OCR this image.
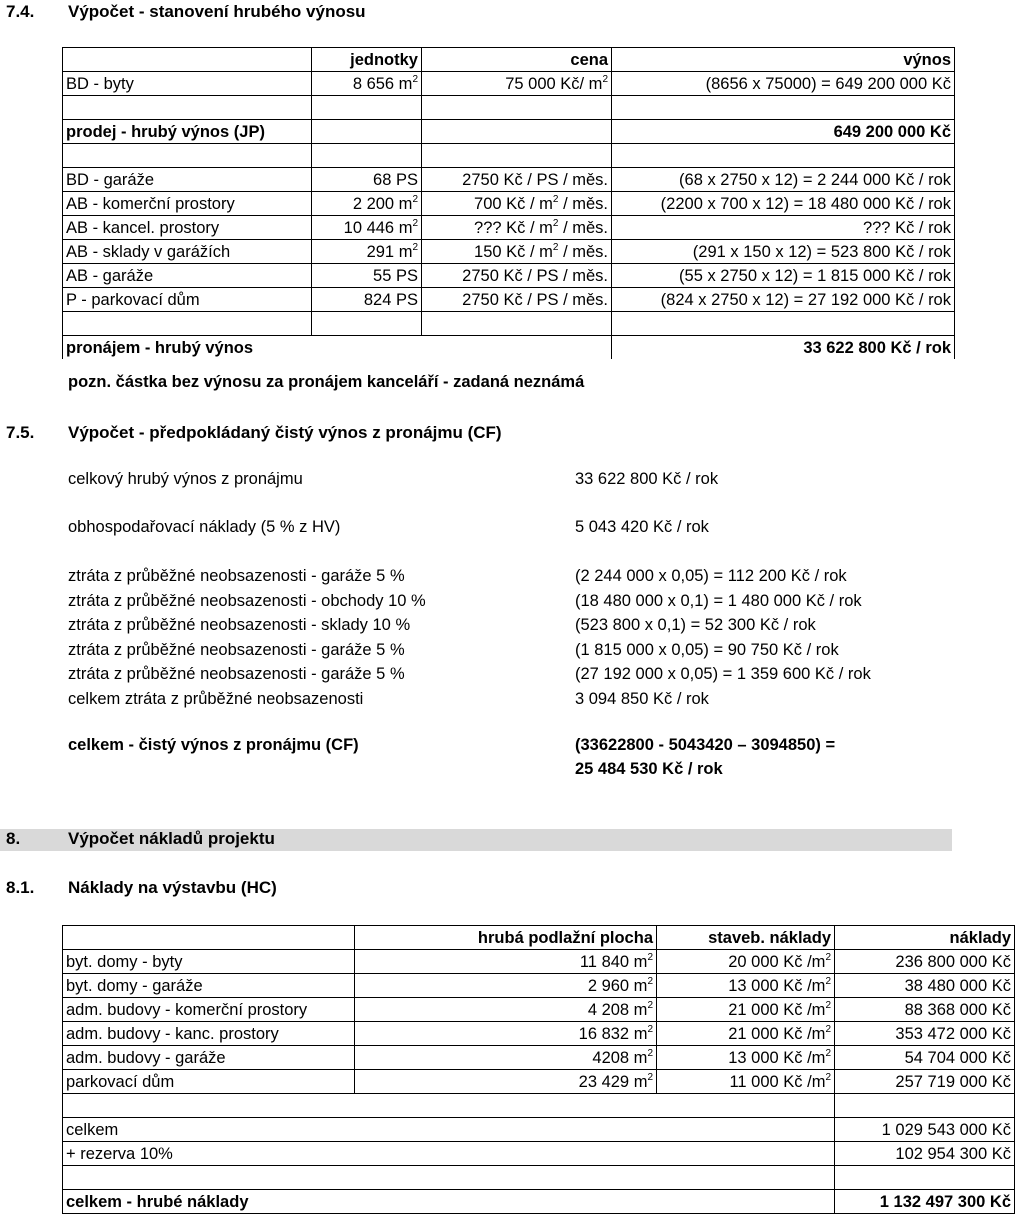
7.4. Výpočet - stanovení hrubého výnosu
	jednotky	cena	výnos
BD - byty	8 656 $m^2$	75 000 Kč/ $m^2$	(8656 x 75000) = 649 200 000 Kč

prodej - hrubý výnos (JP)			649 200 000 Kč

BD - garáže	68 PS	2750 Kč / PS / měs.	(68 x 2750 x 12) = 2 244 000 Kč / rok
AB - komerční prostory	2 200 $m^2$	700 Kč / $m^2$ / měs.	(2200 x 700 x 12) = 18 480 000 Kč / rok
AB - kancel. prostory	10 446 $m^2$	??? Kč / $m^2$ / měs.	??? Kč / rok
AB - sklady v garážích	291 $m^2$	150 Kč / $m^2$ / měs.	(291 x 150 x 12) = 523 800 Kč / rok
AB - garáže	55 PS	2750 Kč / PS / měs.	(55 x 2750 x 12) = 1 815 000 Kč / rok
P - parkovací dům	824 PS	2750 Kč / PS / měs.	(824 x 2750 x 12) = 27 192 000 Kč / rok

pronájem - hrubý výnos			33 622 800 Kč / rok
pozn. částka bez výnosu za pronájem kanceláří - zadaná neznámá
7.5. Výpočet - předpokládaný čistý výnos z pronájmu (CF)
celkový hrubý výnos z pronájmu	33 622 800 Kč / rok
obhospodařovací náklady (5 % z HV)	5 043 420 Kč / rok
ztráta z průběžné neobsazenosti - garáže 5 %	(2 244 000 x 0,05) = 112 200 Kč / rok
ztráta z průběžné neobsazenosti - obchody 10 %	(18 480 000 x 0,1) = 1 480 000 Kč / rok
ztráta z průběžné neobsazenosti - sklady 10 %	(523 800 x 0,1) = 52 300 Kč / rok
ztráta z průběžné neobsazenosti - garáže 5 %	(1 815 000 x 0,05) = 90 750 Kč / rok
ztráta z průběžné neobsazenosti - garáže 5 %	(27 192 000 x 0,05) = 1 359 600 Kč / rok
celkem ztráta z průběžné neobsazenosti	3 094 850 Kč / rok
celkem - čistý výnos z pronájmu (CF)	(33622800 - 5043420 – 3094850) =
25 484 530 Kč / rok
8.	Výpočet nákladů projektu
8.1. Náklady na výstavbu (HC)
	hrubá podlažní plocha	staveb. náklady	náklady
byt. domy - byty	11 840 $m^2$	20 000 Kč $/m^2$	236 800 000 Kč
byt. domy - garáže	2 960 $m^2$	13 000 Kč $/m^2$	38 480 000 Kč
adm. budovy - komerční prostory	4 208 $m^2$	21 000 Kč $/m^2$	88 368 000 Kč
adm. budovy - kanc. prostory	16 832 $m^2$	21 000 Kč $/m^2$	353 472 000 Kč
adm. budovy - garáže	4208 $m^2$	13 000 Kč $/m^2$	54 704 000 Kč
parkovací dům	23 429 $m^2$	11 000 Kč $/m^2$	257 719 000 Kč

celkem			1 029 543 000 Kč
+ rezerva 10%			102 954 300 Kč

celkem - hrubé náklady			1 132 497 300 Kč
